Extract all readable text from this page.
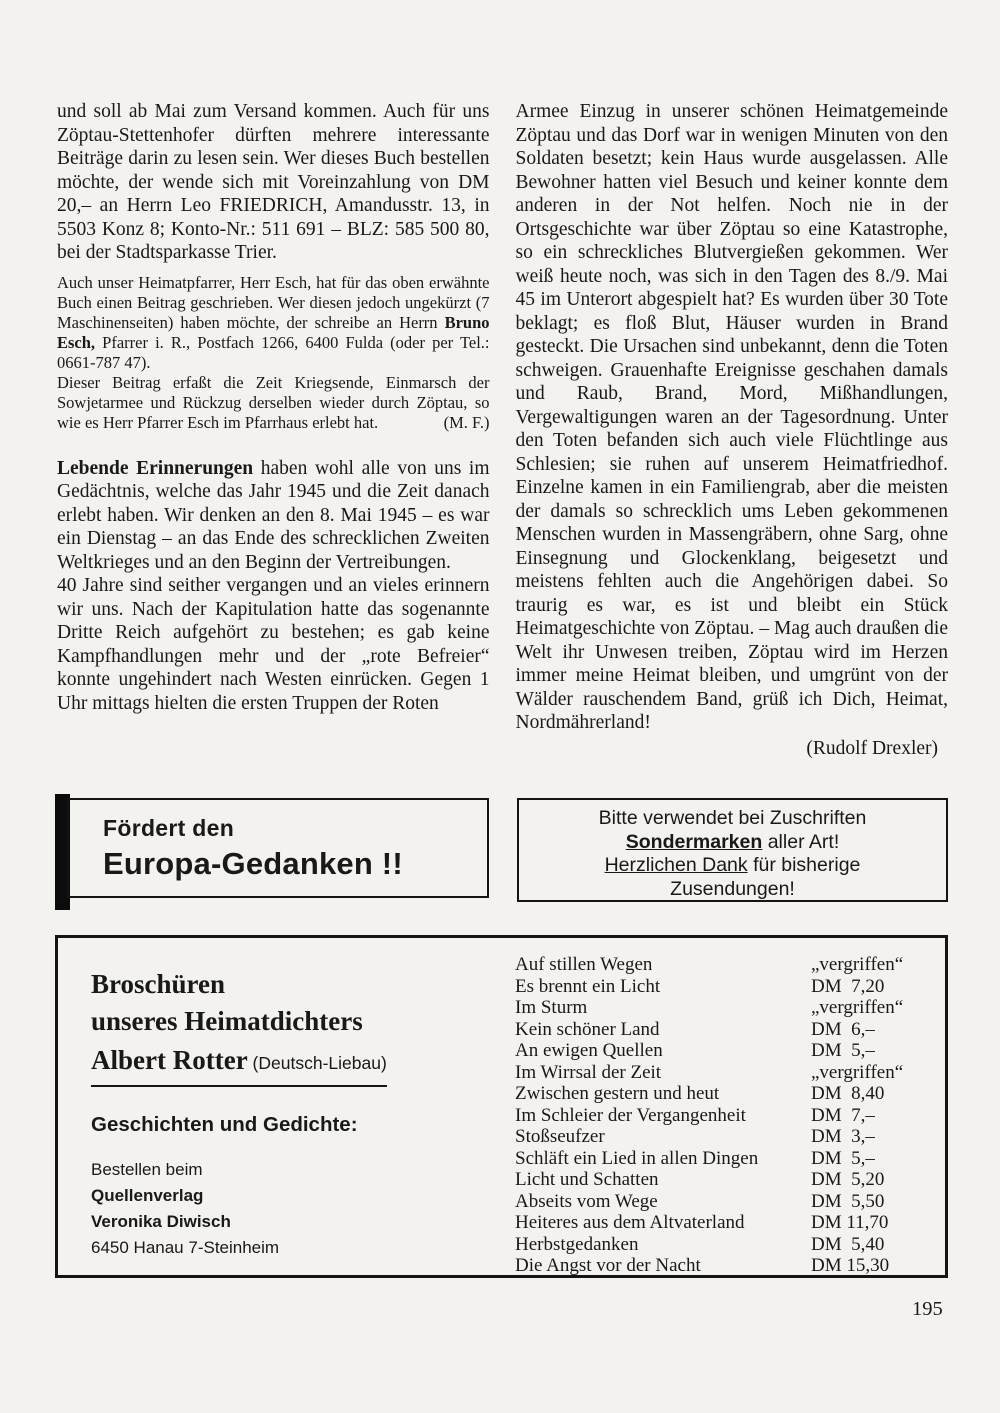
und soll ab Mai zum Versand kommen. Auch für uns Zöptau-Stettenhofer dürften mehrere interessante Beiträge darin zu lesen sein. Wer dieses Buch bestellen möchte, der wende sich mit Voreinzahlung von DM 20,– an Herrn Leo FRIEDRICH, Amandusstr. 13, in 5503 Konz 8; Konto-Nr.: 511 691 – BLZ: 585 500 80, bei der Stadtsparkasse Trier.

Auch unser Heimatpfarrer, Herr Esch, hat für das oben erwähnte Buch einen Beitrag geschrieben. Wer diesen jedoch ungekürzt (7 Maschinenseiten) haben möchte, der schreibe an Herrn Bruno Esch, Pfarrer i. R., Postfach 1266, 6400 Fulda (oder per Tel.: 0661-787 47).

Dieser Beitrag erfaßt die Zeit Kriegsende, Einmarsch der Sowjetarmee und Rückzug derselben wieder durch Zöptau, so wie es Herr Pfarrer Esch im Pfarrhaus erlebt hat.	(M. F.)

Lebende Erinnerungen haben wohl alle von uns im Gedächtnis, welche das Jahr 1945 und die Zeit danach erlebt haben. Wir denken an den 8. Mai 1945 – es war ein Dienstag – an das Ende des schrecklichen Zweiten Weltkrieges und an den Beginn der Vertreibungen.

40 Jahre sind seither vergangen und an vieles erinnern wir uns. Nach der Kapitulation hatte das sogenannte Dritte Reich aufgehört zu bestehen; es gab keine Kampfhandlungen mehr und der „rote Befreier“ konnte ungehindert nach Westen einrücken. Gegen 1 Uhr mittags hielten die ersten Truppen der Roten

Armee Einzug in unserer schönen Heimatgemeinde Zöptau und das Dorf war in wenigen Minuten von den Soldaten besetzt; kein Haus wurde ausgelassen. Alle Bewohner hatten viel Besuch und keiner konnte dem anderen in der Not helfen. Noch nie in der Ortsgeschichte war über Zöptau so eine Katastrophe, so ein schreckliches Blutvergießen gekommen. Wer weiß heute noch, was sich in den Tagen des 8./9. Mai 45 im Unterort abgespielt hat? Es wurden über 30 Tote beklagt; es floß Blut, Häuser wurden in Brand gesteckt. Die Ursachen sind unbekannt, denn die Toten schweigen. Grauenhafte Ereignisse geschahen damals und Raub, Brand, Mord, Mißhandlungen, Vergewaltigungen waren an der Tagesordnung. Unter den Toten befanden sich auch viele Flüchtlinge aus Schlesien; sie ruhen auf unserem Heimatfriedhof. Einzelne kamen in ein Familiengrab, aber die meisten der damals so schrecklich ums Leben gekommenen Menschen wurden in Massengräbern, ohne Sarg, ohne Einsegnung und Glockenklang, beigesetzt und meistens fehlten auch die Angehörigen dabei. So traurig es war, es ist und bleibt ein Stück Heimatgeschichte von Zöptau. – Mag auch draußen die Welt ihr Unwesen treiben, Zöptau wird im Herzen immer meine Heimat bleiben, und umgrünt von der Wälder rauschendem Band, grüß ich Dich, Heimat, Nordmährerland!

(Rudolf Drexler)
Fördert den
Europa-Gedanken !!
Bitte verwendet bei Zuschriften
Sondermarken aller Art!
Herzlichen Dank für bisherige
Zusendungen!
Broschüren
unseres Heimatdichters
Albert Rotter (Deutsch-Liebau)
Geschichten und Gedichte:
Bestellen beim
Quellenverlag
Veronika Diwisch
6450 Hanau 7-Steinheim
Auf stillen Wegen	„vergriffen“
Es brennt ein Licht	DM  7,20
Im Sturm	„vergriffen“
Kein schöner Land	DM  6,–
An ewigen Quellen	DM  5,–
Im Wirrsal der Zeit	„vergriffen“
Zwischen gestern und heut	DM  8,40
Im Schleier der Vergangenheit	DM  7,–
Stoßseufzer	DM  3,–
Schläft ein Lied in allen Dingen	DM  5,–
Licht und Schatten	DM  5,20
Abseits vom Wege	DM  5,50
Heiteres aus dem Altvaterland	DM 11,70
Herbstgedanken	DM  5,40
Die Angst vor der Nacht	DM 15,30
195
